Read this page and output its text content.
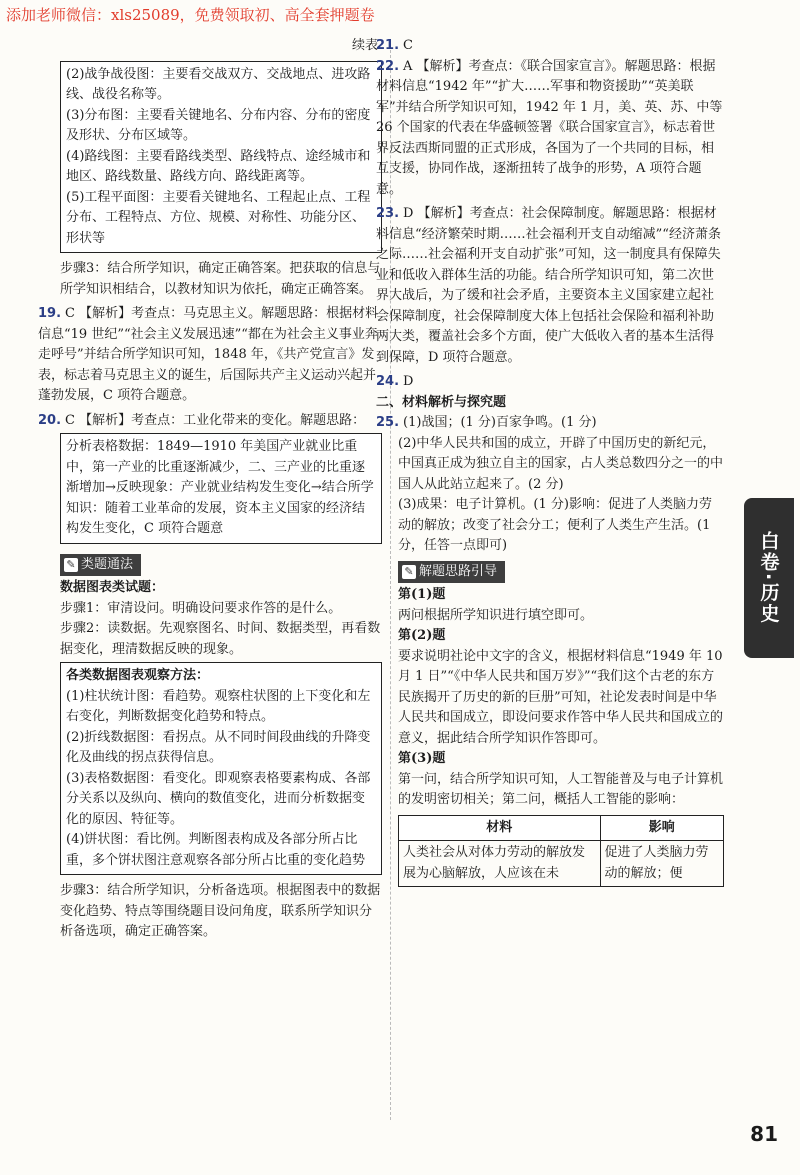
添加老师微信：xls25089，免费领取初、高全套押题卷
续表

(2)战争战役图：主要看交战双方、交战地点、进攻路线、战役名称等。

(3)分布图：主要看关键地名、分布内容、分布的密度及形状、分布区域等。

(4)路线图：主要看路线类型、路线特点、途经城市和地区、路线数量、路线方向、路线距离等。

(5)工程平面图：主要看关键地名、工程起止点、工程分布、工程特点、方位、规模、对称性、功能分区、形状等

步骤3：结合所学知识，确定正确答案。把获取的信息与所学知识相结合，以教材知识为依托，确定正确答案。

19. C 【解析】考查点：马克思主义。解题思路：根据材料信息“19 世纪”“社会主义发展迅速”“都在为社会主义事业奔走呼号”并结合所学知识可知，1848 年，《共产党宣言》发表，标志着马克思主义的诞生，后国际共产主义运动兴起并蓬勃发展，C 项符合题意。

20. C 【解析】考查点：工业化带来的变化。解题思路：

分析表格数据：1849—1910 年美国产业就业比重中，第一产业的比重逐渐减少，二、三产业的比重逐渐增加→反映现象：产业就业结构发生变化→结合所学知识：随着工业革命的发展，资本主义国家的经济结构发生变化，C 项符合题意

✎ 类题通法

数据图表类试题：

步骤1：审清设问。明确设问要求作答的是什么。

步骤2：读数据。先观察图名、时间、数据类型，再看数据变化，理清数据反映的现象。

各类数据图表观察方法：

(1)柱状统计图：看趋势。观察柱状图的上下变化和左右变化，判断数据变化趋势和特点。

(2)折线数据图：看拐点。从不同时间段曲线的升降变化及曲线的拐点获得信息。

(3)表格数据图：看变化。即观察表格要素构成、各部分关系以及纵向、横向的数值变化，进而分析数据变化的原因、特征等。

(4)饼状图：看比例。判断图表构成及各部分所占比重，多个饼状图注意观察各部分所占比重的变化趋势

步骤3：结合所学知识，分析备选项。根据图表中的数据变化趋势、特点等围绕题目设问角度，联系所学知识分析备选项，确定正确答案。

21. C

22. A 【解析】考查点：《联合国家宣言》。解题思路：根据材料信息“1942 年”“扩大……军事和物资援助”“英美联军”并结合所学知识可知，1942 年 1 月，美、英、苏、中等 26 个国家的代表在华盛顿签署《联合国家宣言》，标志着世界反法西斯同盟的正式形成，各国为了一个共同的目标，相互支援，协同作战，逐渐扭转了战争的形势，A 项符合题意。

23. D 【解析】考查点：社会保障制度。解题思路：根据材料信息“经济繁荣时期……社会福利开支自动缩减”“经济萧条之际……社会福利开支自动扩张”可知，这一制度具有保障失业和低收入群体生活的功能。结合所学知识可知，第二次世界大战后，为了缓和社会矛盾，主要资本主义国家建立起社会保障制度，社会保障制度大体上包括社会保险和福利补助两大类，覆盖社会多个方面，使广大低收入者的基本生活得到保障，D 项符合题意。

24. D

二、材料解析与探究题

25. (1)战国；(1 分)百家争鸣。(1 分)

(2)中华人民共和国的成立，开辟了中国历史的新纪元，中国真正成为独立自主的国家，占人类总数四分之一的中国人从此站立起来了。(2 分)

(3)成果：电子计算机。(1 分)影响：促进了人类脑力劳动的解放；改变了社会分工；便利了人类生产生活。(1 分，任答一点即可)

✎ 解题思路引导

第(1)题

两问根据所学知识进行填空即可。

第(2)题

要求说明社论中文字的含义，根据材料信息“1949 年 10 月 1 日”“《中华人民共和国万岁》”“我们这个古老的东方民族揭开了历史的新的巨册”可知，社论发表时间是中华人民共和国成立，即设问要求作答中华人民共和国成立的意义，据此结合所学知识作答即可。

第(3)题

第一问，结合所学知识可知，人工智能普及与电子计算机的发明密切相关；第二问，概括人工智能的影响：

材料	影响
人类社会从对体力劳动的解放发展为心脑解放，人应该在未	促进了人类脑力劳动的解放；便
白卷·历史
81
